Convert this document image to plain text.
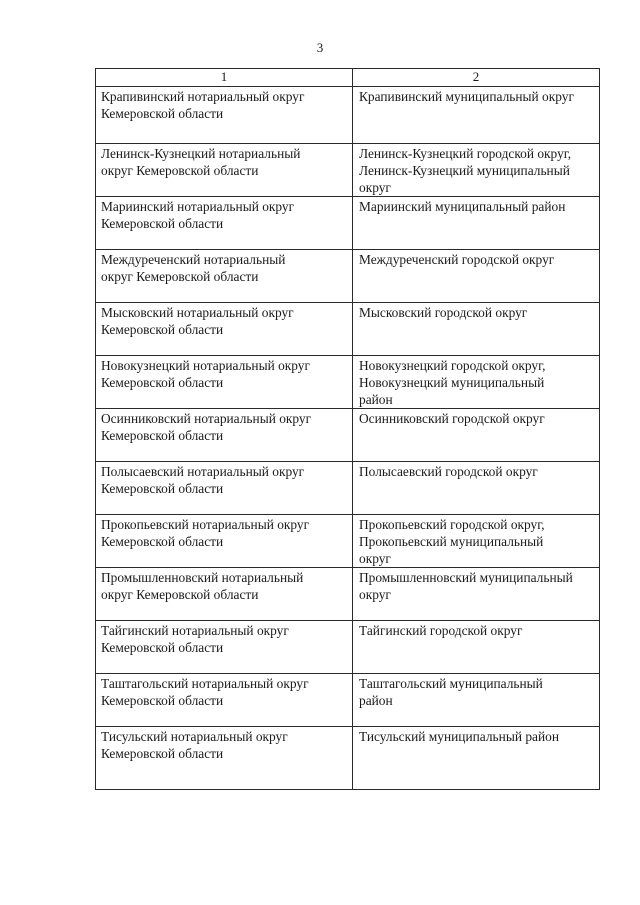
3
1	2

Крапивинский нотариальный округ
Кемеровской области	Крапивинский муниципальный округ

Ленинск-Кузнецкий нотариальный
округ Кемеровской области	Ленинск-Кузнецкий городской округ,
Ленинск-Кузнецкий муниципальный
округ

Мариинский нотариальный округ
Кемеровской области	Мариинский муниципальный район

Междуреченский нотариальный
округ Кемеровской области	Междуреченский городской округ

Мысковский нотариальный округ
Кемеровской области	Мысковский городской округ

Новокузнецкий нотариальный округ
Кемеровской области	Новокузнецкий городской округ,
Новокузнецкий муниципальный
район

Осинниковский нотариальный округ
Кемеровской области	Осинниковский городской округ

Полысаевский нотариальный округ
Кемеровской области	Полысаевский городской округ

Прокопьевский нотариальный округ
Кемеровской области	Прокопьевский городской округ,
Прокопьевский муниципальный
округ

Промышленновский нотариальный
округ Кемеровской области	Промышленновский муниципальный
округ

Тайгинский нотариальный округ
Кемеровской области	Тайгинский городской округ

Таштагольский нотариальный округ
Кемеровской области	Таштагольский муниципальный
район

Тисульский нотариальный округ
Кемеровской области	Тисульский муниципальный район
